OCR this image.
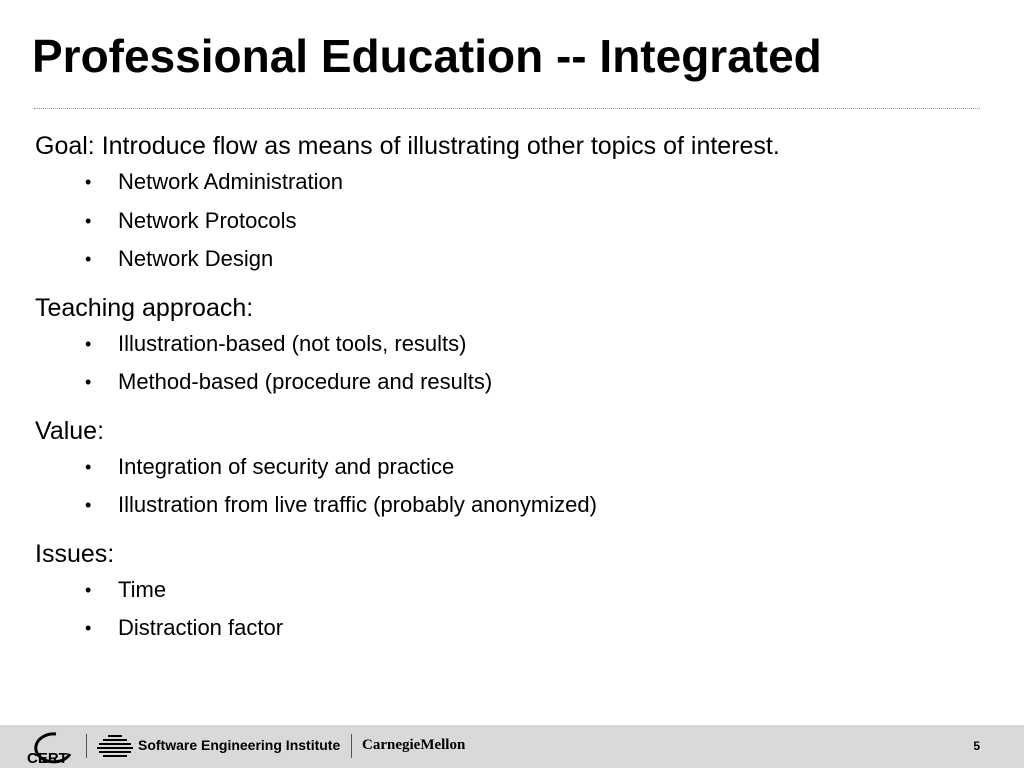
Professional Education -- Integrated

Goal: Introduce flow as means of illustrating other topics of interest.

• Network Administration
• Network Protocols
• Network Design

Teaching approach:

• Illustration-based (not tools, results)
• Method-based (procedure and results)

Value:

• Integration of security and practice
• Illustration from live traffic (probably anonymized)

Issues:

• Time
• Distraction factor
CERT
Software Engineering Institute CarnegieMellon	5
